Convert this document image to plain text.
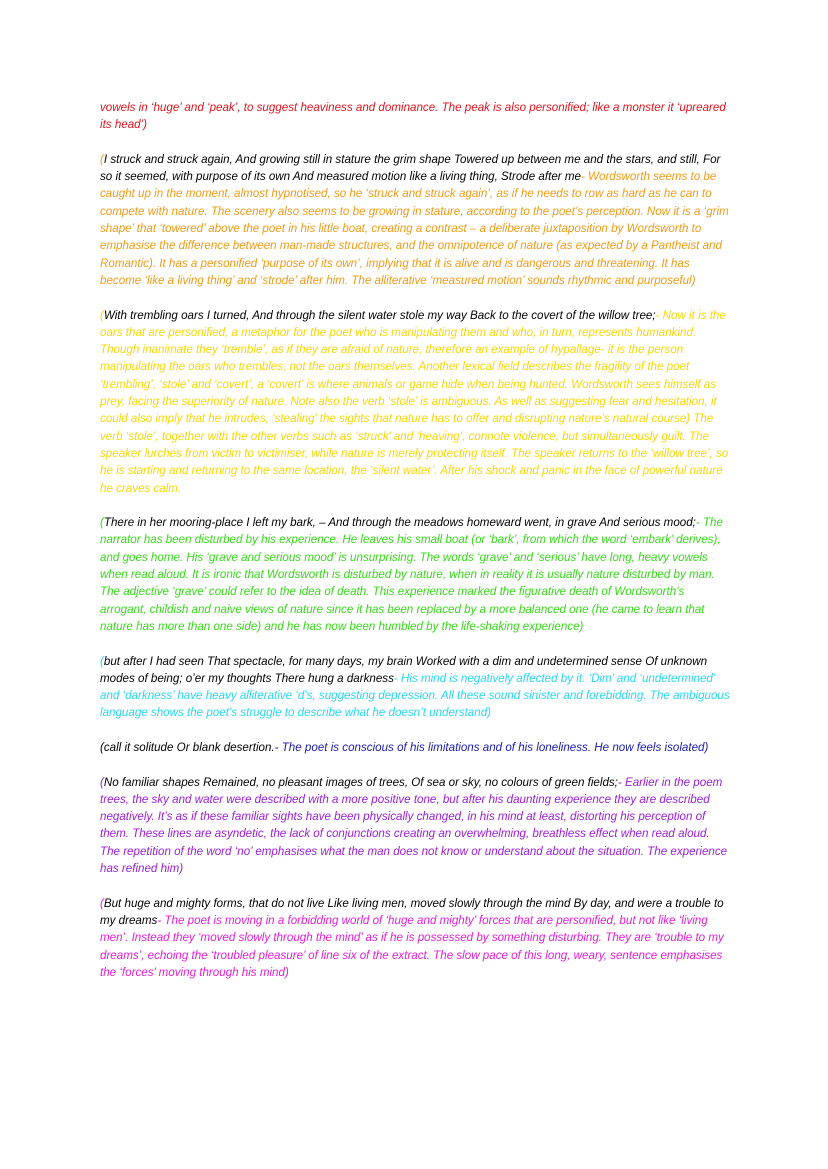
vowels in ‘huge’ and ‘peak’, to suggest heaviness and dominance. The peak is also personified; like a monster it ‘upreared its head’)

(I struck and struck again, And growing still in stature the grim shape Towered up between me and the stars, and still, For so it seemed, with purpose of its own And measured motion like a living thing, Strode after me- Wordsworth seems to be caught up in the moment, almost hypnotised, so he ‘struck and struck again’, as if he needs to row as hard as he can to compete with nature. The scenery also seems to be growing in stature, according to the poet’s perception. Now it is a ‘grim shape’ that ‘towered’ above the poet in his little boat, creating a contrast – a deliberate juxtaposition by Wordsworth to emphasise the difference between man-made structures, and the omnipotence of nature (as expected by a Pantheist and Romantic). It has a personified ‘purpose of its own’, implying that it is alive and is dangerous and threatening. It has become ‘like a living thing’ and ‘strode’ after him. The alliterative ‘measured motion’ sounds rhythmic and purposeful)

(With trembling oars I turned, And through the silent water stole my way Back to the covert of the willow tree;- Now it is the oars that are personified, a metaphor for the poet who is manipulating them and who, in turn, represents humankind. Though inanimate they ‘tremble’, as if they are afraid of nature, therefore an example of hypallage- it is the person manipulating the oars who trembles, not the oars themselves. Another lexical field describes the fragility of the poet ‘trembling’, ‘stole’ and ‘covert’, a ‘covert’ is where animals or game hide when being hunted. Wordsworth sees himself as prey, facing the superiority of nature. Note also the verb ‘stole’ is ambiguous. As well as suggesting fear and hesitation, it could also imply that he intrudes, ‘stealing’ the sights that nature has to offer and disrupting nature’s natural course) The verb ‘stole’, together with the other verbs such as ‘struck’ and ‘heaving’, connote violence, but simultaneously guilt. The speaker lurches from victim to victimiser, while nature is merely protecting itself. The speaker returns to the ‘willow tree’, so he is starting and returning to the same location, the ‘silent water’. After his shock and panic in the face of powerful nature he craves calm.

(There in her mooring-place I left my bark, – And through the meadows homeward went, in grave And serious mood;- The narrator has been disturbed by his experience. He leaves his small boat (or ‘bark’, from which the word ‘embark’ derives), and goes home. His ‘grave and serious mood’ is unsurprising. The words ‘grave’ and ‘serious’ have long, heavy vowels when read aloud. It is ironic that Wordsworth is disturbed by nature, when in reality it is usually nature disturbed by man. The adjective ‘grave’ could refer to the idea of death. This experience marked the figurative death of Wordsworth’s arrogant, childish and naive views of nature since it has been replaced by a more balanced one (he came to learn that nature has more than one side) and he has now been humbled by the life-shaking experience)

(but after I had seen That spectacle, for many days, my brain Worked with a dim and undetermined sense Of unknown modes of being; o’er my thoughts There hung a darkness- His mind is negatively affected by it. ‘Dim’ and ‘undetermined’ and ‘darkness’ have heavy alliterative ‘d’s, suggesting depression. All these sound sinister and forebidding. The ambiguous language shows the poet’s struggle to describe what he doesn’t understand)

(call it solitude Or blank desertion.- The poet is conscious of his limitations and of his loneliness. He now feels isolated)

(No familiar shapes Remained, no pleasant images of trees, Of sea or sky, no colours of green fields;- Earlier in the poem trees, the sky and water were described with a more positive tone, but after his daunting experience they are described negatively. It’s as if these familiar sights have been physically changed, in his mind at least, distorting his perception of them. These lines are asyndetic, the lack of conjunctions creating an overwhelming, breathless effect when read aloud. The repetition of the word ‘no’ emphasises what the man does not know or understand about the situation. The experience has refined him)

(But huge and mighty forms, that do not live Like living men, moved slowly through the mind By day, and were a trouble to my dreams- The poet is moving in a forbidding world of ‘huge and mighty’ forces that are personified, but not like ‘living men’. Instead they ‘moved slowly through the mind’ as if he is possessed by something disturbing. They are ‘trouble to my dreams’, echoing the ‘troubled pleasure’ of line six of the extract. The slow pace of this long, weary, sentence emphasises the ‘forces’ moving through his mind)
